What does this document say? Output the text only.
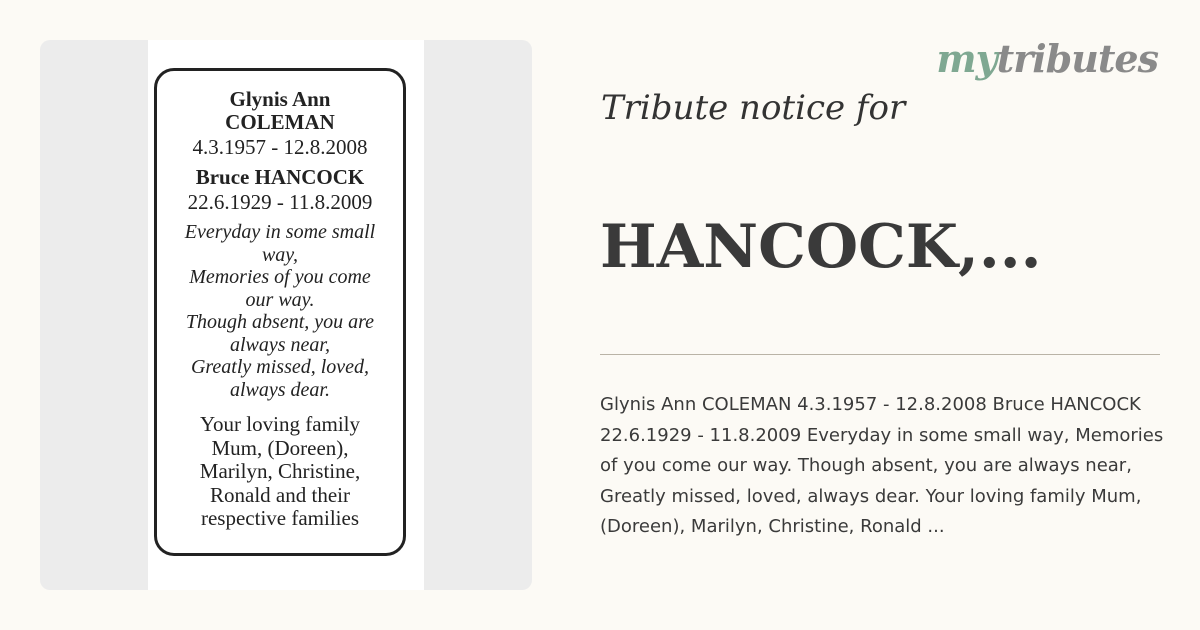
Glynis Ann
COLEMAN
4.3.1957 - 12.8.2008
Bruce HANCOCK
22.6.1929 - 11.8.2009
Everyday in some small
way,
Memories of you come
our way.
Though absent, you are
always near,
Greatly missed, loved,
always dear.
Your loving family
Mum, (Doreen),
Marilyn, Christine,
Ronald and their
respective families
mytributes
Tribute notice for
HANCOCK,...
Glynis Ann COLEMAN 4.3.1957 - 12.8.2008 Bruce HANCOCK 22.6.1929 - 11.8.2009 Everyday in some small way, Memories of you come our way. Though absent, you are always near, Greatly missed, loved, always dear. Your loving family Mum, (Doreen), Marilyn, Christine, Ronald ...
